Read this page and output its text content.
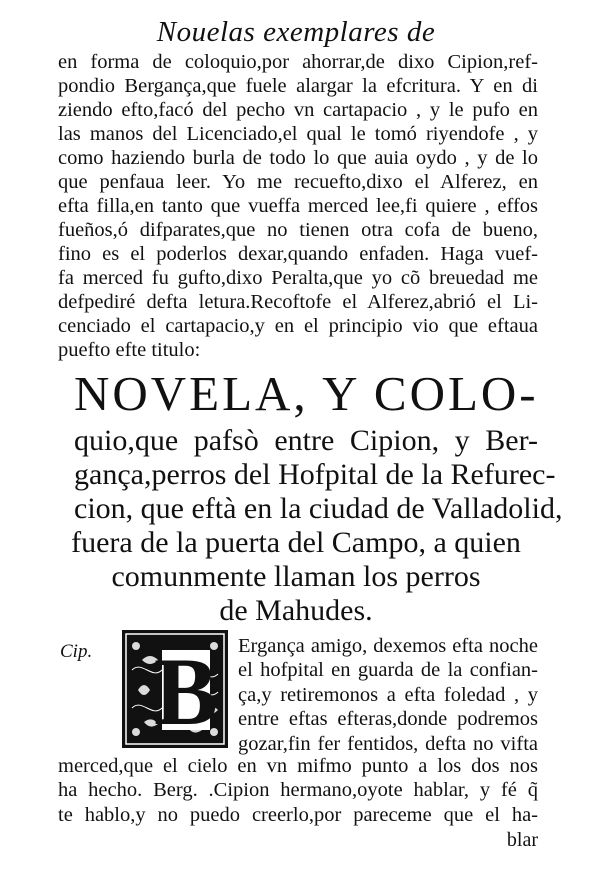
Nouelas exemplares de
en forma de coloquio,por ahorrar,de dixo Cipion,ref-
pondio Bergança,que fuele alargar la efcritura. Y en di
ziendo efto,facó del pecho vn cartapacio , y le pufo en
las manos del Licenciado,el qual le tomó riyendofe , y
como haziendo burla de todo lo que auia oydo , y de lo
que penfaua leer. Yo me recuefto,dixo el Alferez, en
efta filla,en tanto que vueffa merced lee,fi quiere , effos
fueños,ó difparates,que no tienen otra cofa de bueno,
fino es el poderlos dexar,quando enfaden. Haga vuef-
fa merced fu gufto,dixo Peralta,que yo cõ breuedad me
defpediré defta letura.Recoftofe el Alferez,abrió el Li-
cenciado el cartapacio,y en el principio vio que eftaua
puefto efte titulo:
NOVELA, Y COLO-
quio,que pafsò entre Cipion, y Ber-
gança,perros del Hofpital de la Refurec-
cion, que eftà en la ciudad de Valladolid,
fuera de la puerta del Campo, a quien
comunmente llaman los perros
de Mahudes.
Cip. B Ergança amigo, dexemos efta noche
el hofpital en guarda de la confian-
ça,y retiremonos a efta foledad , y
entre eftas efteras,donde podremos
gozar,fin fer fentidos, defta no vifta
merced,que el cielo en vn mifmo punto a los dos nos
ha hecho. Berg. .Cipion hermano,oyote hablar, y fé q̃
te hablo,y no puedo creerlo,por pareceme que el ha-
blar
